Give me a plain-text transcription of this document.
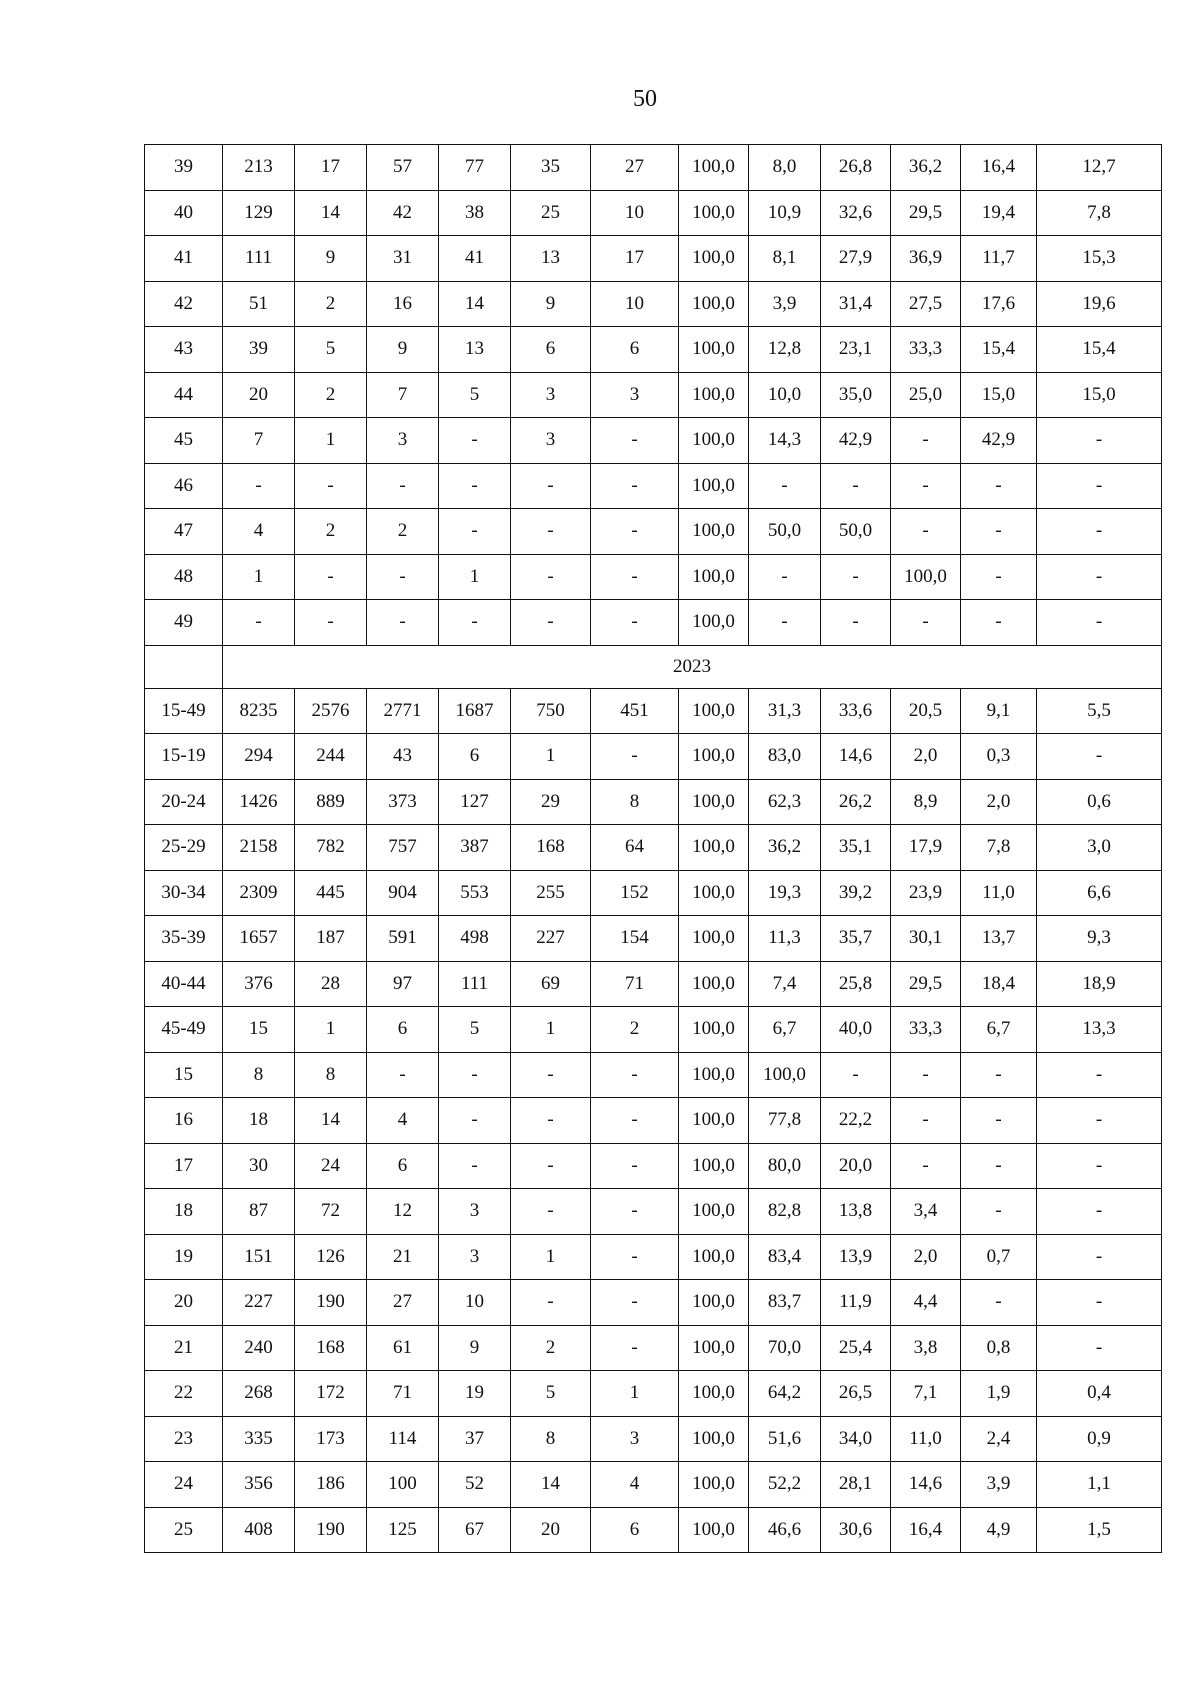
50
39	213	17	57	77	35	27	100,0	8,0	26,8	36,2	16,4	12,7
40	129	14	42	38	25	10	100,0	10,9	32,6	29,5	19,4	7,8
41	111	9	31	41	13	17	100,0	8,1	27,9	36,9	11,7	15,3
42	51	2	16	14	9	10	100,0	3,9	31,4	27,5	17,6	19,6
43	39	5	9	13	6	6	100,0	12,8	23,1	33,3	15,4	15,4
44	20	2	7	5	3	3	100,0	10,0	35,0	25,0	15,0	15,0
45	7	1	3	-	3	-	100,0	14,3	42,9	-	42,9	-
46	-	-	-	-	-	-	100,0	-	-	-	-	-
47	4	2	2	-	-	-	100,0	50,0	50,0	-	-	-
48	1	-	-	1	-	-	100,0	-	-	100,0	-	-
49	-	-	-	-	-	-	100,0	-	-	-	-	-
	2023											
15-49	8235	2576	2771	1687	750	451	100,0	31,3	33,6	20,5	9,1	5,5
15-19	294	244	43	6	1	-	100,0	83,0	14,6	2,0	0,3	-
20-24	1426	889	373	127	29	8	100,0	62,3	26,2	8,9	2,0	0,6
25-29	2158	782	757	387	168	64	100,0	36,2	35,1	17,9	7,8	3,0
30-34	2309	445	904	553	255	152	100,0	19,3	39,2	23,9	11,0	6,6
35-39	1657	187	591	498	227	154	100,0	11,3	35,7	30,1	13,7	9,3
40-44	376	28	97	111	69	71	100,0	7,4	25,8	29,5	18,4	18,9
45-49	15	1	6	5	1	2	100,0	6,7	40,0	33,3	6,7	13,3
15	8	8	-	-	-	-	100,0	100,0	-	-	-	-
16	18	14	4	-	-	-	100,0	77,8	22,2	-	-	-
17	30	24	6	-	-	-	100,0	80,0	20,0	-	-	-
18	87	72	12	3	-	-	100,0	82,8	13,8	3,4	-	-
19	151	126	21	3	1	-	100,0	83,4	13,9	2,0	0,7	-
20	227	190	27	10	-	-	100,0	83,7	11,9	4,4	-	-
21	240	168	61	9	2	-	100,0	70,0	25,4	3,8	0,8	-
22	268	172	71	19	5	1	100,0	64,2	26,5	7,1	1,9	0,4
23	335	173	114	37	8	3	100,0	51,6	34,0	11,0	2,4	0,9
24	356	186	100	52	14	4	100,0	52,2	28,1	14,6	3,9	1,1
25	408	190	125	67	20	6	100,0	46,6	30,6	16,4	4,9	1,5
